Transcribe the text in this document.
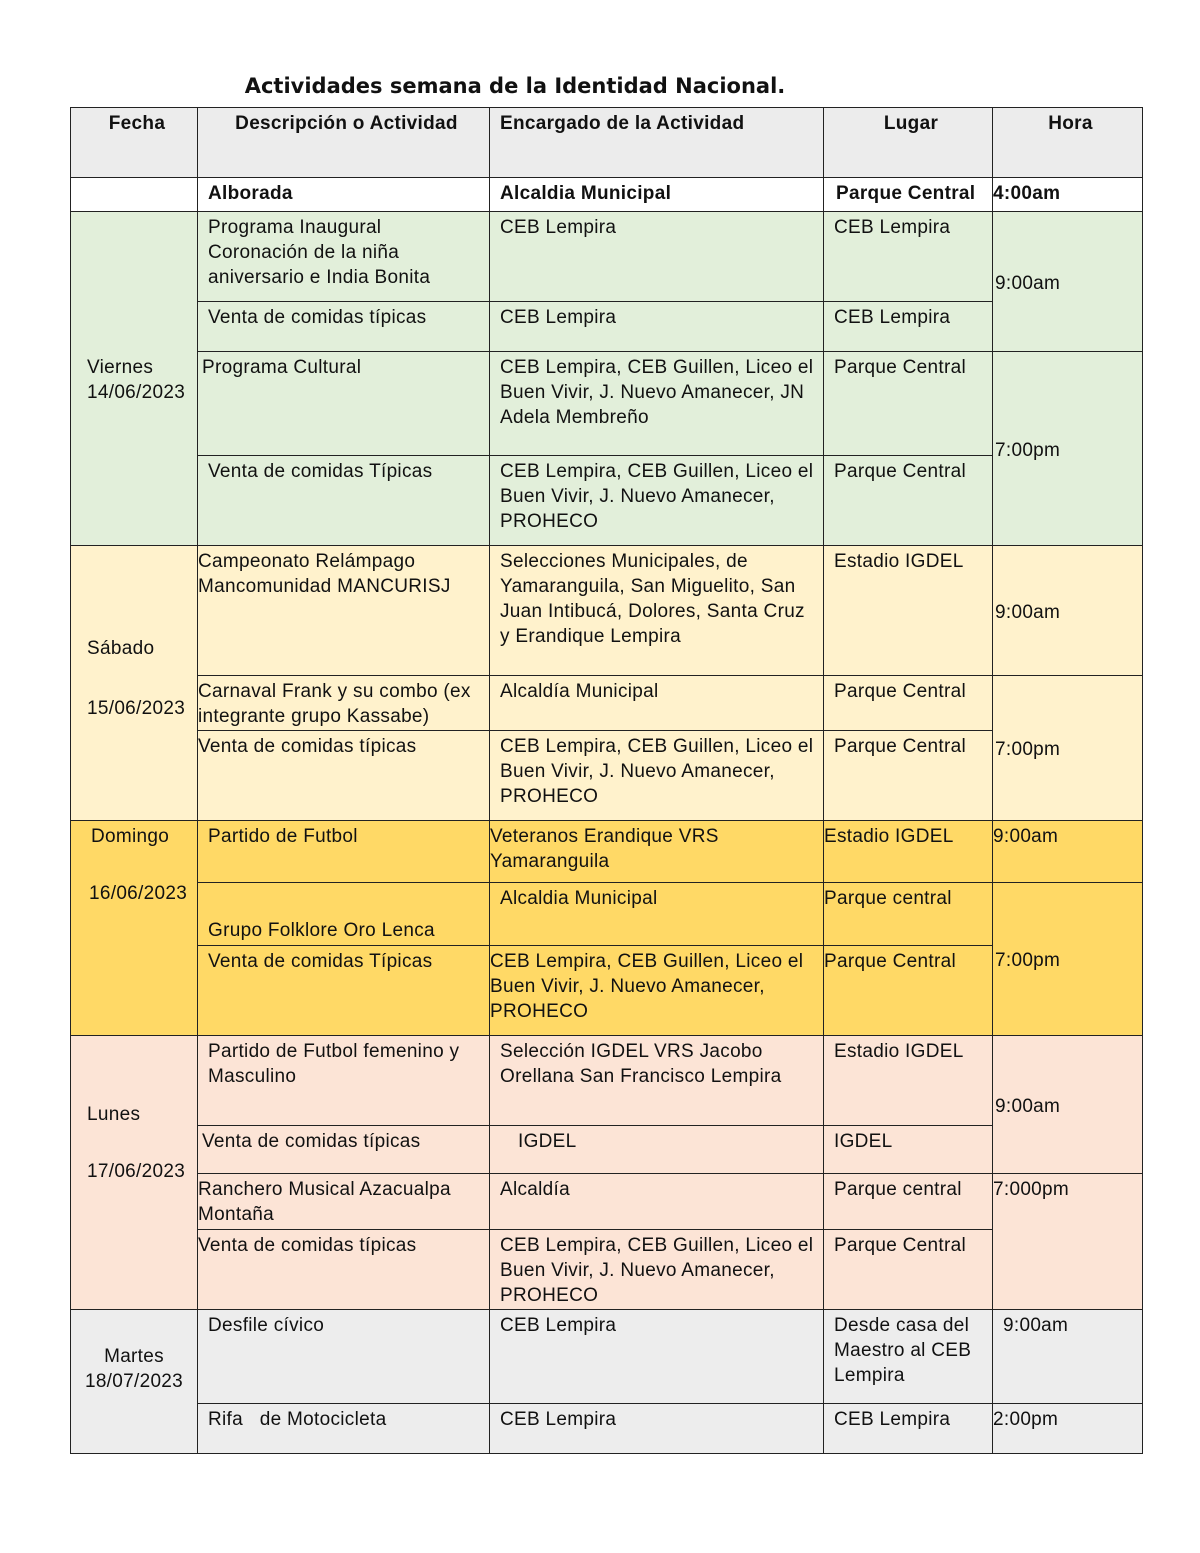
Actividades semana de la Identidad Nacional.
Fecha	Descripción o Actividad	Encargado de la Actividad	Lugar	Hora
	Alborada	Alcaldia Municipal	Parque Central	4:00am

Viernes
14/06/2023	Programa Inaugural Coronación de la niña aniversario e India Bonita	CEB Lempira	CEB Lempira	9:00am
	Venta de comidas típicas	CEB Lempira	CEB Lempira	
	Programa Cultural	CEB Lempira, CEB Guillen, Liceo el Buen Vivir, J. Nuevo Amanecer, JN Adela Membreño	Parque Central	7:00pm
	Venta de comidas Típicas	CEB Lempira, CEB Guillen, Liceo el Buen Vivir, J. Nuevo Amanecer, PROHECO	Parque Central	

Sábado
15/06/2023	Campeonato Relámpago Mancomunidad MANCURISJ	Selecciones Municipales, de Yamaranguila, San Miguelito, San Juan Intibucá, Dolores, Santa Cruz y Erandique Lempira	Estadio IGDEL	9:00am
	Carnaval Frank y su combo (ex integrante grupo Kassabe)	Alcaldía Municipal	Parque Central	7:00pm
	Venta de comidas típicas	CEB Lempira, CEB Guillen, Liceo el Buen Vivir, J. Nuevo Amanecer, PROHECO	Parque Central	

Domingo
16/06/2023	Partido de Futbol	Veteranos Erandique VRS Yamaranguila	Estadio IGDEL	9:00am
	Grupo Folklore Oro Lenca	Alcaldia Municipal	Parque central	7:00pm
	Venta de comidas Típicas	CEB Lempira, CEB Guillen, Liceo el Buen Vivir, J. Nuevo Amanecer, PROHECO	Parque Central	

Lunes
17/06/2023	Partido de Futbol femenino y Masculino	Selección IGDEL VRS Jacobo Orellana San Francisco Lempira	Estadio IGDEL	9:00am
	Venta de comidas típicas	IGDEL	IGDEL	
	Ranchero Musical Azacualpa Montaña	Alcaldía	Parque central	7:000pm
	Venta de comidas típicas	CEB Lempira, CEB Guillen, Liceo el Buen Vivir, J. Nuevo Amanecer, PROHECO	Parque Central	

Martes
18/07/2023	Desfile cívico	CEB Lempira	Desde casa del Maestro al CEB Lempira	9:00am
	Rifa   de Motocicleta	CEB Lempira	CEB Lempira	2:00pm
